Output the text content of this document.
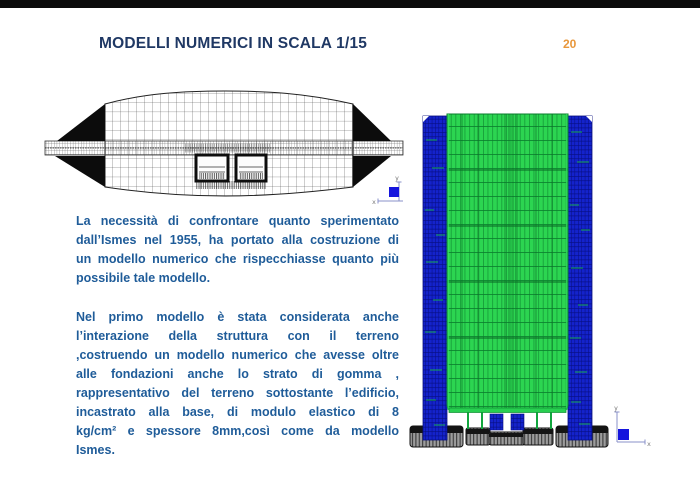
MODELLI NUMERICI IN SCALA 1/15	20
y
x
La necessità di confrontare quanto sperimentato
dall’Ismes nel 1955, ha portato alla costruzione di
un modello numerico che rispecchiasse quanto più
possibile tale modello.
Nel primo modello è stata considerata anche
l’interazione della struttura con il terreno
,costruendo un modello numerico che avesse oltre
alle fondazioni anche lo strato di gomma ,
rappresentativo del terreno sottostante l’edificio,
incastrato alla base, di modulo elastico di 8
kg/cm² e spessore 8mm,così come da modello
Ismes.
y
x
